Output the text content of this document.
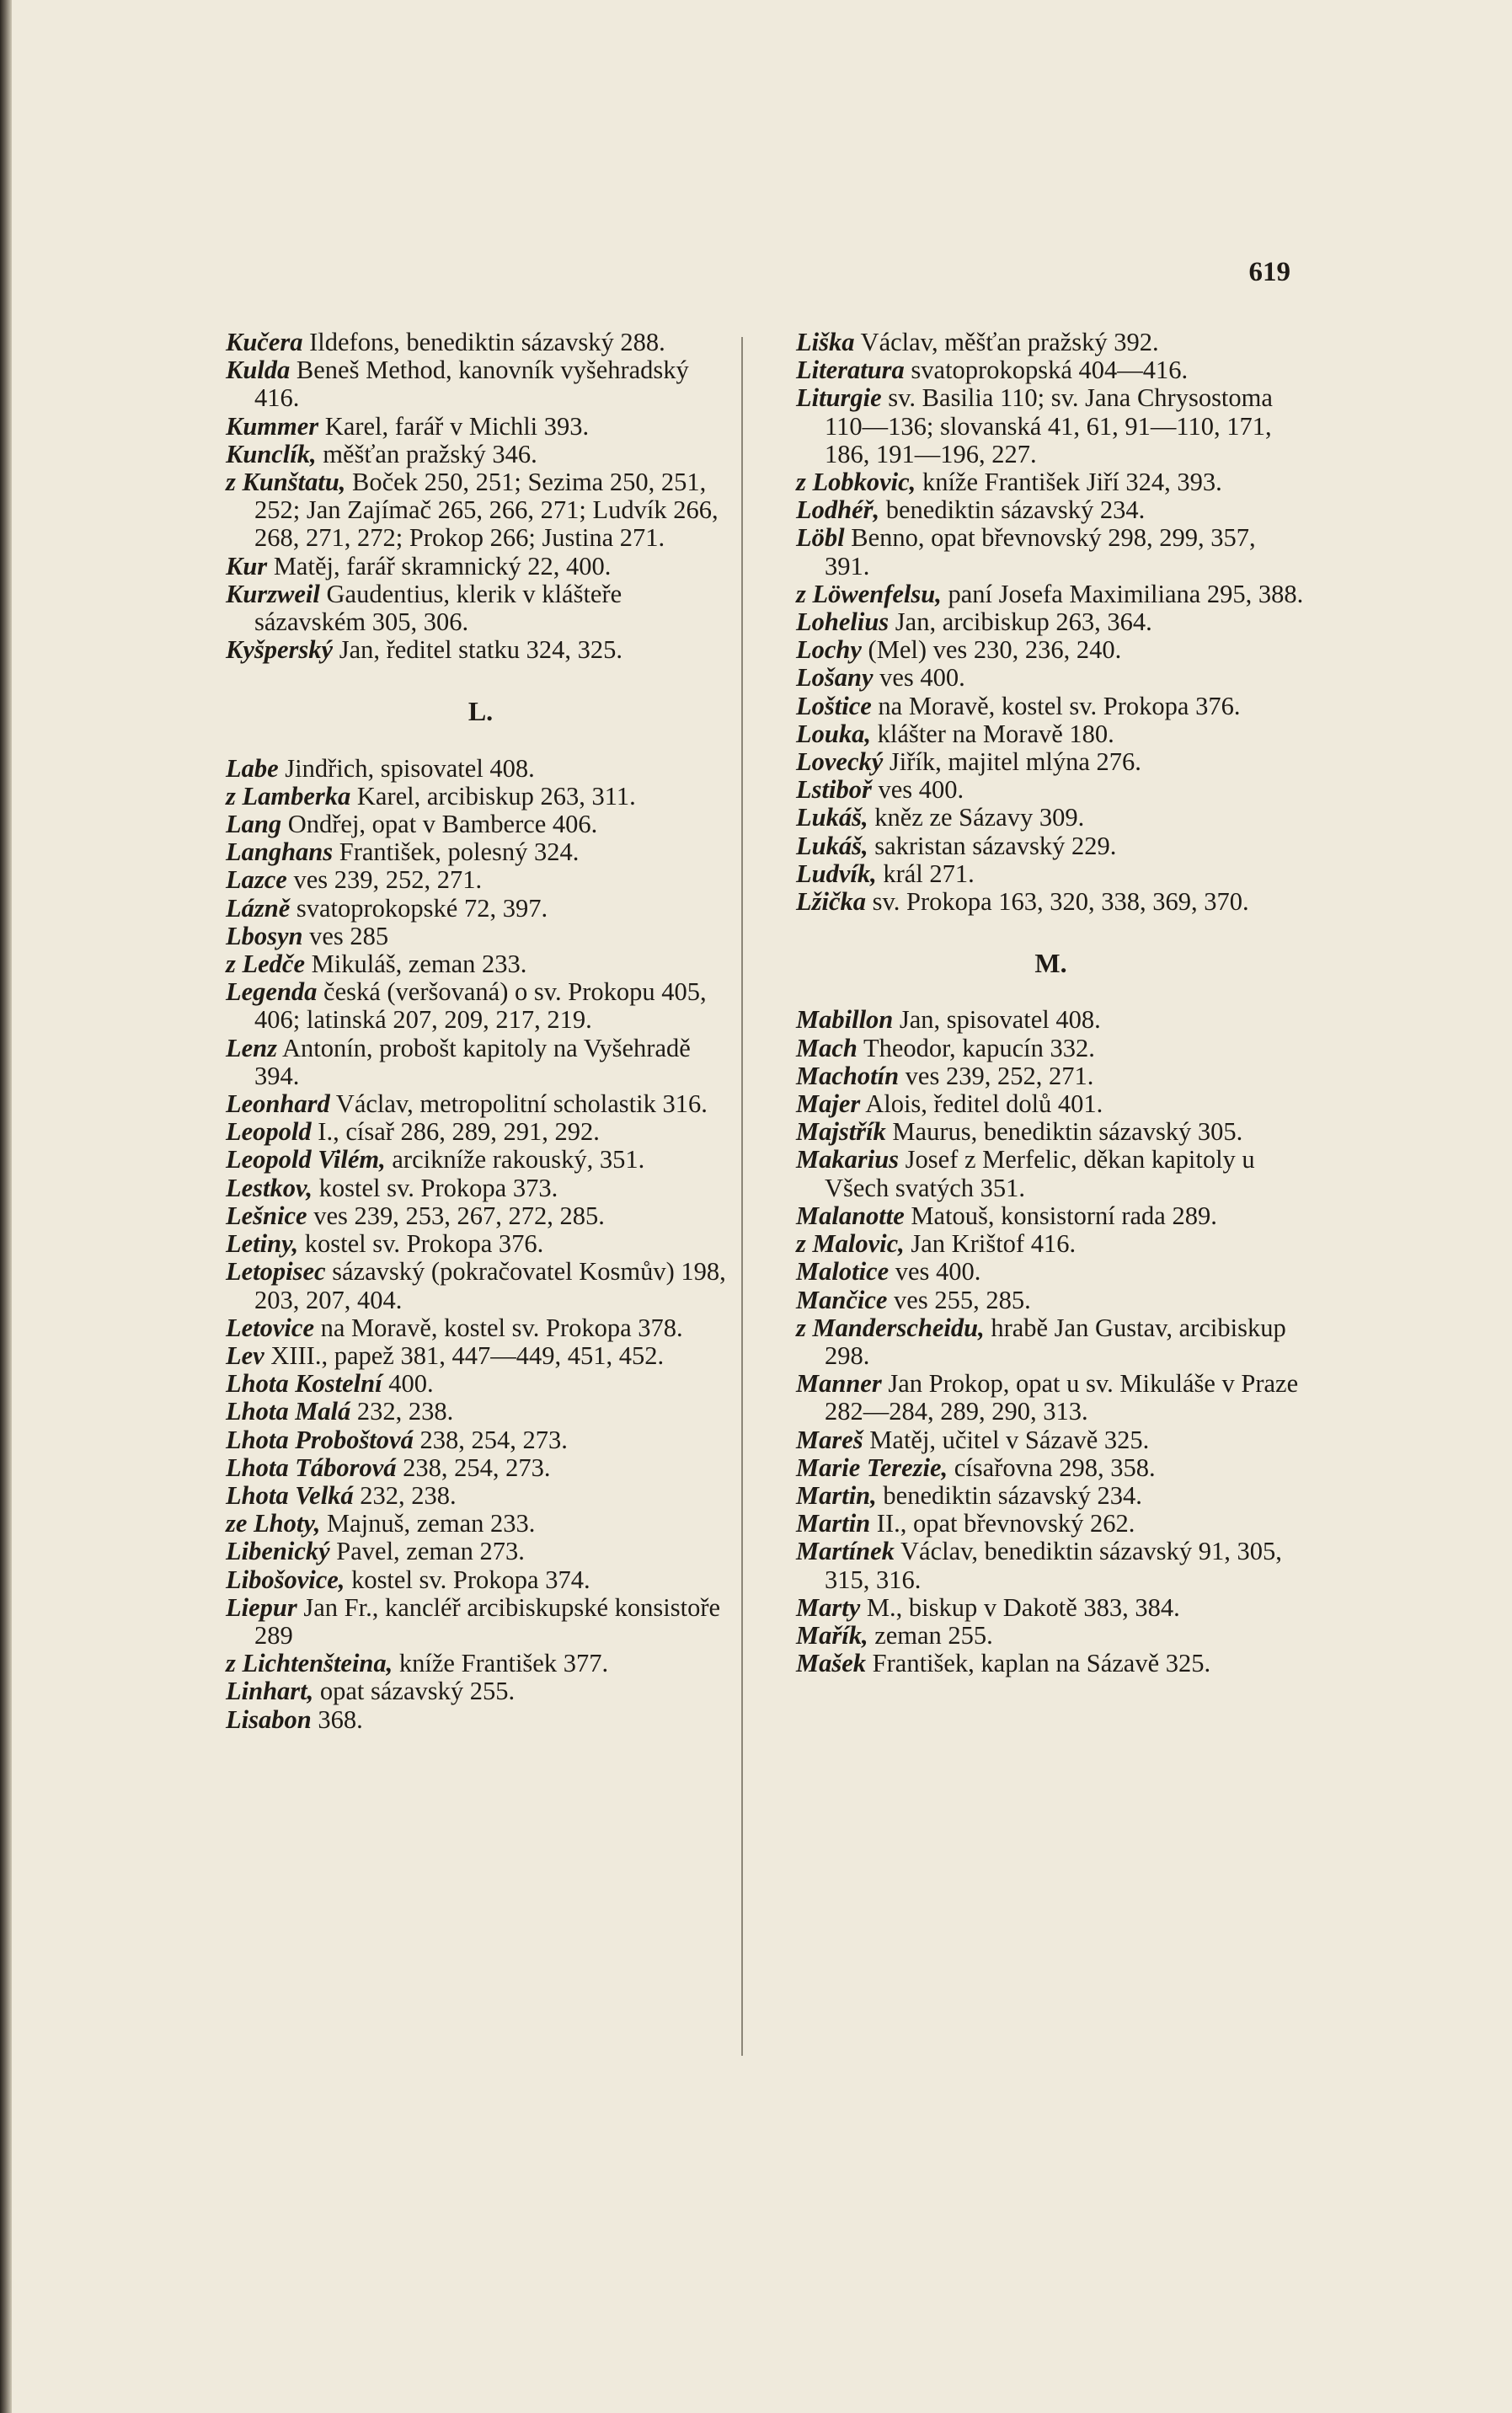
619

Kučera Ildefons, benediktin sázavský 288.

Kulda Beneš Method, kanovník vyšehradský 416.

Kummer Karel, farář v Michli 393.

Kunclík, měšťan pražský 346.

z Kunštatu, Boček 250, 251; Sezima 250, 251, 252; Jan Zajímač 265, 266, 271; Ludvík 266, 268, 271, 272; Prokop 266; Justina 271.

Kur Matěj, farář skramnický 22, 400.

Kurzweil Gaudentius, klerik v klášteře sázavském 305, 306.

Kyšperský Jan, ředitel statku 324, 325.

L.

Labe Jindřich, spisovatel 408.

z Lamberka Karel, arcibiskup 263, 311.

Lang Ondřej, opat v Bamberce 406.

Langhans František, polesný 324.

Lazce ves 239, 252, 271.

Lázně svatoprokopské 72, 397.

Lbosyn ves 285

z Ledče Mikuláš, zeman 233.

Legenda česká (veršovaná) o sv. Prokopu 405, 406; latinská 207, 209, 217, 219.

Lenz Antonín, probošt kapitoly na Vyšehradě 394.

Leonhard Václav, metropolitní scholastik 316.

Leopold I., císař 286, 289, 291, 292.

Leopold Vilém, arcikníže rakouský, 351.

Lestkov, kostel sv. Prokopa 373.

Lešnice ves 239, 253, 267, 272, 285.

Letiny, kostel sv. Prokopa 376.

Letopisec sázavský (pokračovatel Kosmův) 198, 203, 207, 404.

Letovice na Moravě, kostel sv. Prokopa 378.

Lev XIII., papež 381, 447—449, 451, 452.

Lhota Kostelní 400.

Lhota Malá 232, 238.

Lhota Proboštová 238, 254, 273.

Lhota Táborová 238, 254, 273.

Lhota Velká 232, 238.

ze Lhoty, Majnuš, zeman 233.

Libenický Pavel, zeman 273.

Libošovice, kostel sv. Prokopa 374.

Liepur Jan Fr., kancléř arcibiskupské konsistoře 289

z Lichtenšteina, kníže František 377.

Linhart, opat sázavský 255.

Lisabon 368.

Liška Václav, měšťan pražský 392.

Literatura svatoprokopská 404—416.

Liturgie sv. Basilia 110; sv. Jana Chrysostoma 110—136; slovanská 41, 61, 91—110, 171, 186, 191—196, 227.

z Lobkovic, kníže František Jiří 324, 393.

Lodhéř, benediktin sázavský 234.

Löbl Benno, opat břevnovský 298, 299, 357, 391.

z Löwenfelsu, paní Josefa Maximiliana 295, 388.

Lohelius Jan, arcibiskup 263, 364.

Lochy (Mel) ves 230, 236, 240.

Lošany ves 400.

Loštice na Moravě, kostel sv. Prokopa 376.

Louka, klášter na Moravě 180.

Lovecký Jiřík, majitel mlýna 276.

Lstiboř ves 400.

Lukáš, kněz ze Sázavy 309.

Lukáš, sakristan sázavský 229.

Ludvík, král 271.

Lžička sv. Prokopa 163, 320, 338, 369, 370.

M.

Mabillon Jan, spisovatel 408.

Mach Theodor, kapucín 332.

Machotín ves 239, 252, 271.

Majer Alois, ředitel dolů 401.

Majstřík Maurus, benediktin sázavský 305.

Makarius Josef z Merfelic, děkan kapitoly u Všech svatých 351.

Malanotte Matouš, konsistorní rada 289.

z Malovic, Jan Krištof 416.

Malotice ves 400.

Mančice ves 255, 285.

z Manderscheidu, hrabě Jan Gustav, arcibiskup 298.

Manner Jan Prokop, opat u sv. Mikuláše v Praze 282—284, 289, 290, 313.

Mareš Matěj, učitel v Sázavě 325.

Marie Terezie, císařovna 298, 358.

Martin, benediktin sázavský 234.

Martin II., opat břevnovský 262.

Martínek Václav, benediktin sázavský 91, 305, 315, 316.

Marty M., biskup v Dakotě 383, 384.

Mařík, zeman 255.

Mašek František, kaplan na Sázavě 325.
